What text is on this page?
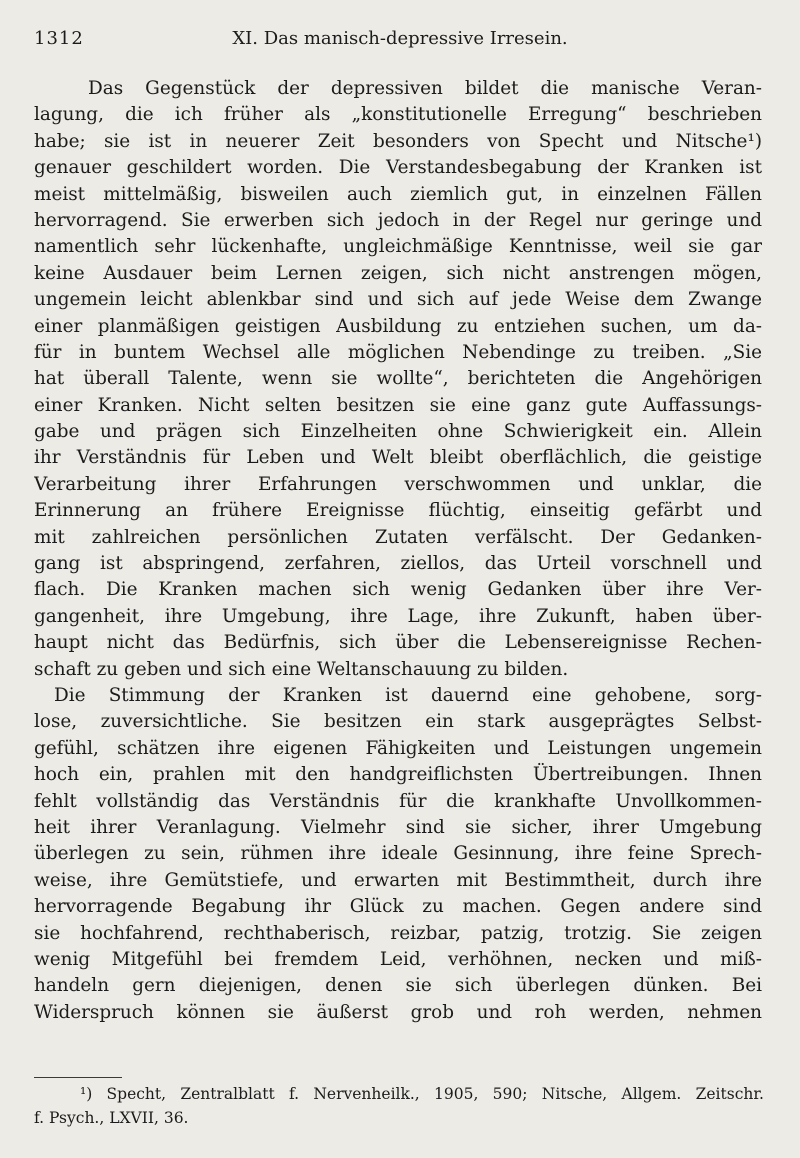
1312	XI. Das manisch-depressive Irresein.
Das Gegenstück der depressiven bildet die manische Veran-
lagung, die ich früher als „konstitutionelle Erregung“ beschrieben
habe; sie ist in neuerer Zeit besonders von Specht und Nitsche¹)
genauer geschildert worden. Die Verstandesbegabung der Kranken ist
meist mittelmäßig, bisweilen auch ziemlich gut, in einzelnen Fällen
hervorragend. Sie erwerben sich jedoch in der Regel nur geringe und
namentlich sehr lückenhafte, ungleichmäßige Kenntnisse, weil sie gar
keine Ausdauer beim Lernen zeigen, sich nicht anstrengen mögen,
ungemein leicht ablenkbar sind und sich auf jede Weise dem Zwange
einer planmäßigen geistigen Ausbildung zu entziehen suchen, um da-
für in buntem Wechsel alle möglichen Nebendinge zu treiben. „Sie
hat überall Talente, wenn sie wollte“, berichteten die Angehörigen
einer Kranken. Nicht selten besitzen sie eine ganz gute Auffassungs-
gabe und prägen sich Einzelheiten ohne Schwierigkeit ein. Allein
ihr Verständnis für Leben und Welt bleibt oberflächlich, die geistige
Verarbeitung ihrer Erfahrungen verschwommen und unklar, die
Erinnerung an frühere Ereignisse flüchtig, einseitig gefärbt und
mit zahlreichen persönlichen Zutaten verfälscht. Der Gedanken-
gang ist abspringend, zerfahren, ziellos, das Urteil vorschnell und
flach. Die Kranken machen sich wenig Gedanken über ihre Ver-
gangenheit, ihre Umgebung, ihre Lage, ihre Zukunft, haben über-
haupt nicht das Bedürfnis, sich über die Lebensereignisse Rechen-
schaft zu geben und sich eine Weltanschauung zu bilden.
Die Stimmung der Kranken ist dauernd eine gehobene, sorg-
lose, zuversichtliche. Sie besitzen ein stark ausgeprägtes Selbst-
gefühl, schätzen ihre eigenen Fähigkeiten und Leistungen ungemein
hoch ein, prahlen mit den handgreiflichsten Übertreibungen. Ihnen
fehlt vollständig das Verständnis für die krankhafte Unvollkommen-
heit ihrer Veranlagung. Vielmehr sind sie sicher, ihrer Umgebung
überlegen zu sein, rühmen ihre ideale Gesinnung, ihre feine Sprech-
weise, ihre Gemütstiefe, und erwarten mit Bestimmtheit, durch ihre
hervorragende Begabung ihr Glück zu machen. Gegen andere sind
sie hochfahrend, rechthaberisch, reizbar, patzig, trotzig. Sie zeigen
wenig Mitgefühl bei fremdem Leid, verhöhnen, necken und miß-
handeln gern diejenigen, denen sie sich überlegen dünken. Bei
Widerspruch können sie äußerst grob und roh werden, nehmen
¹) Specht, Zentralblatt f. Nervenheilk., 1905, 590; Nitsche, Allgem. Zeitschr.
f. Psych., LXVII, 36.
